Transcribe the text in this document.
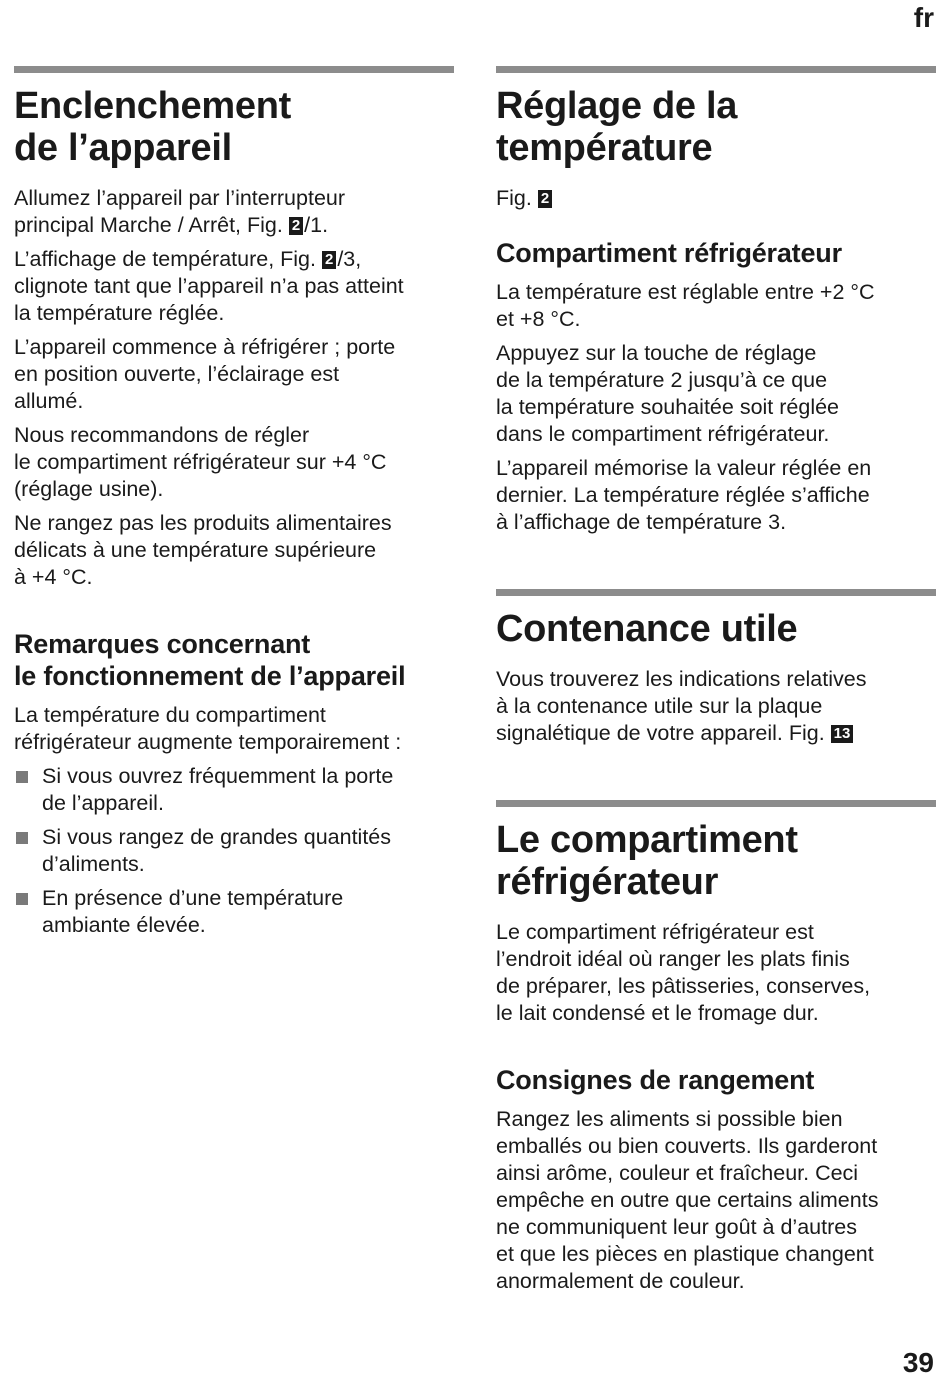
fr
Enclenchement
de l’appareil

Allumez l’appareil par l’interrupteur
principal Marche / Arrêt, Fig. 2 /1.

L’affichage de température, Fig. 2 /3,
clignote tant que l’appareil n’a pas atteint
la température réglée.

L’appareil commence à réfrigérer ; porte
en position ouverte, l’éclairage est
allumé.

Nous recommandons de régler
le compartiment réfrigérateur sur +4 °C
(réglage usine).

Ne rangez pas les produits alimentaires
délicats à une température supérieure
à +4 °C.

Remarques concernant
le fonctionnement de l’appareil

La température du compartiment
réfrigérateur augmente temporairement :

Si vous ouvrez fréquemment la porte
de l’appareil.
Si vous rangez de grandes quantités
d’aliments.
En présence d’une température
ambiante élevée.
Réglage de la
température

Fig. 2

Compartiment réfrigérateur

La température est réglable entre +2 °C
et +8 °C.

Appuyez sur la touche de réglage
de la température 2 jusqu’à ce que
la température souhaitée soit réglée
dans le compartiment réfrigérateur.

L’appareil mémorise la valeur réglée en
dernier. La température réglée s’affiche
à l’affichage de température 3.

Contenance utile

Vous trouverez les indications relatives
à la contenance utile sur la plaque
signalétique de votre appareil. Fig. 13

Le compartiment
réfrigérateur

Le compartiment réfrigérateur est
l’endroit idéal où ranger les plats finis
de préparer, les pâtisseries, conserves,
le lait condensé et le fromage dur.

Consignes de rangement

Rangez les aliments si possible bien
emballés ou bien couverts. Ils garderont
ainsi arôme, couleur et fraîcheur. Ceci
empêche en outre que certains aliments
ne communiquent leur goût à d’autres
et que les pièces en plastique changent
anormalement de couleur.

39
